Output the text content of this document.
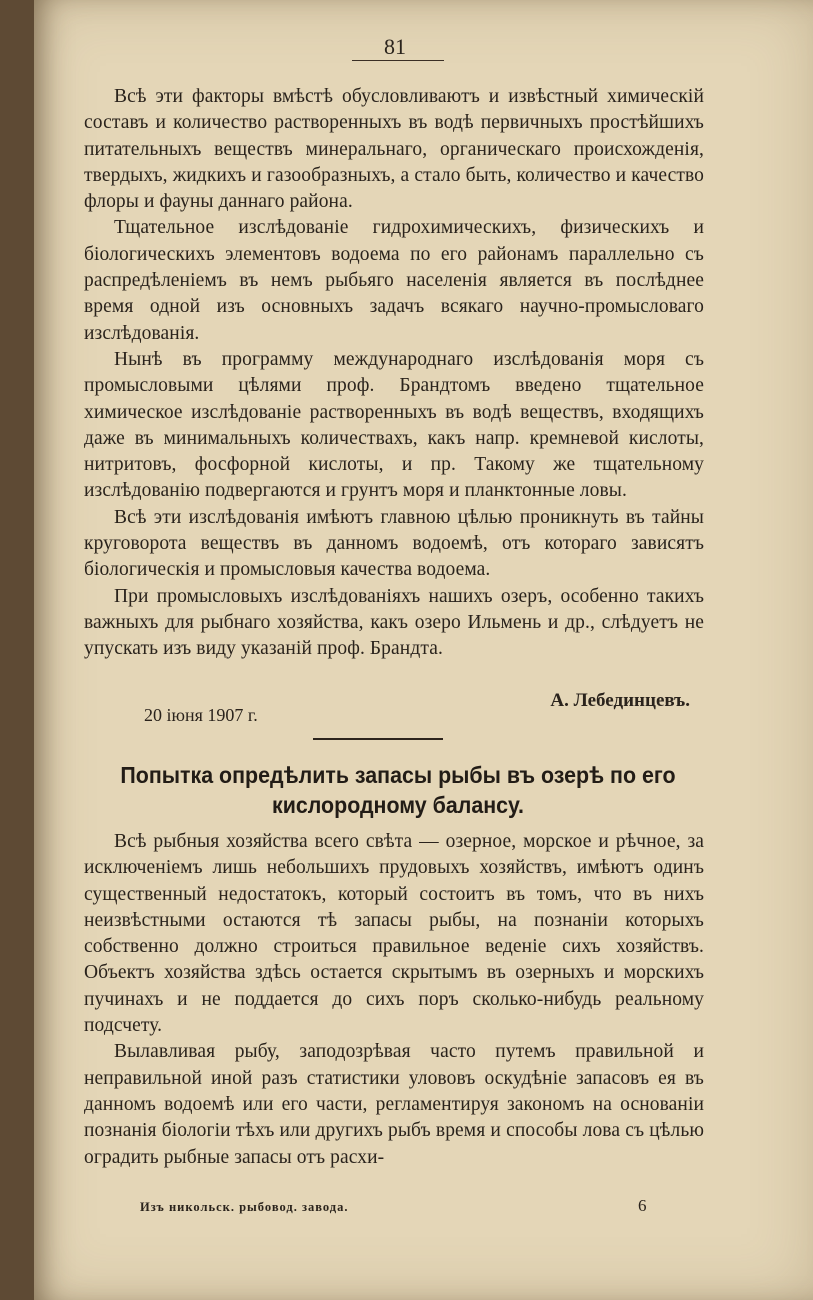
81

Всѣ эти факторы вмѣстѣ обусловливаютъ и извѣстный химическій составъ и количество растворенныхъ въ водѣ первичныхъ простѣйшихъ питательныхъ веществъ минеральнаго, органическаго происхожденія, твердыхъ, жидкихъ и газообразныхъ, а стало быть, количество и качество флоры и фауны даннаго района.

Тщательное изслѣдованіе гидрохимическихъ, физическихъ и біологическихъ элементовъ водоема по его районамъ параллельно съ распредѣленіемъ въ немъ рыбьяго населенія является въ послѣднее время одной изъ основныхъ задачъ всякаго научно-промысловаго изслѣдованія.

Нынѣ въ программу международнаго изслѣдованія моря съ промысловыми цѣлями проф. Брандтомъ введено тщательное химическое изслѣдованіе растворенныхъ въ водѣ веществъ, входящихъ даже въ минимальныхъ количествахъ, какъ напр. кремневой кислоты, нитритовъ, фосфорной кислоты, и пр. Такому же тщательному изслѣдованію подвергаются и грунтъ моря и планктонные ловы.

Всѣ эти изслѣдованія имѣютъ главною цѣлью проникнуть въ тайны круговорота веществъ въ данномъ водоемѣ, отъ котораго зависятъ біологическія и промысловыя качества водоема.

При промысловыхъ изслѣдованіяхъ нашихъ озеръ, особенно такихъ важныхъ для рыбнаго хозяйства, какъ озеро Ильмень и др., слѣдуетъ не упускать изъ виду указаній проф. Брандта.

А. Лебединцевъ.
20 іюня 1907 г.
Попытка опредѣлить запасы рыбы въ озерѣ по его кислородному балансу.

Всѣ рыбныя хозяйства всего свѣта — озерное, морское и рѣчное, за исключеніемъ лишь небольшихъ прудовыхъ хозяйствъ, имѣютъ одинъ существенный недостатокъ, который состоитъ въ томъ, что въ нихъ неизвѣстными остаются тѣ запасы рыбы, на познаніи которыхъ собственно должно строиться правильное веденіе сихъ хозяйствъ. Объектъ хозяйства здѣсь остается скрытымъ въ озерныхъ и морскихъ пучинахъ и не поддается до сихъ поръ сколько-нибудь реальному подсчету.

Вылавливая рыбу, заподозрѣвая часто путемъ правильной и неправильной иной разъ статистики улововъ оскудѣніе запасовъ ея въ данномъ водоемѣ или его части, регламентируя закономъ на основаніи познанія біологіи тѣхъ или другихъ рыбъ время и способы лова съ цѣлью оградить рыбные запасы отъ расхи-

Изъ никольск. рыбовод. завода.	6
